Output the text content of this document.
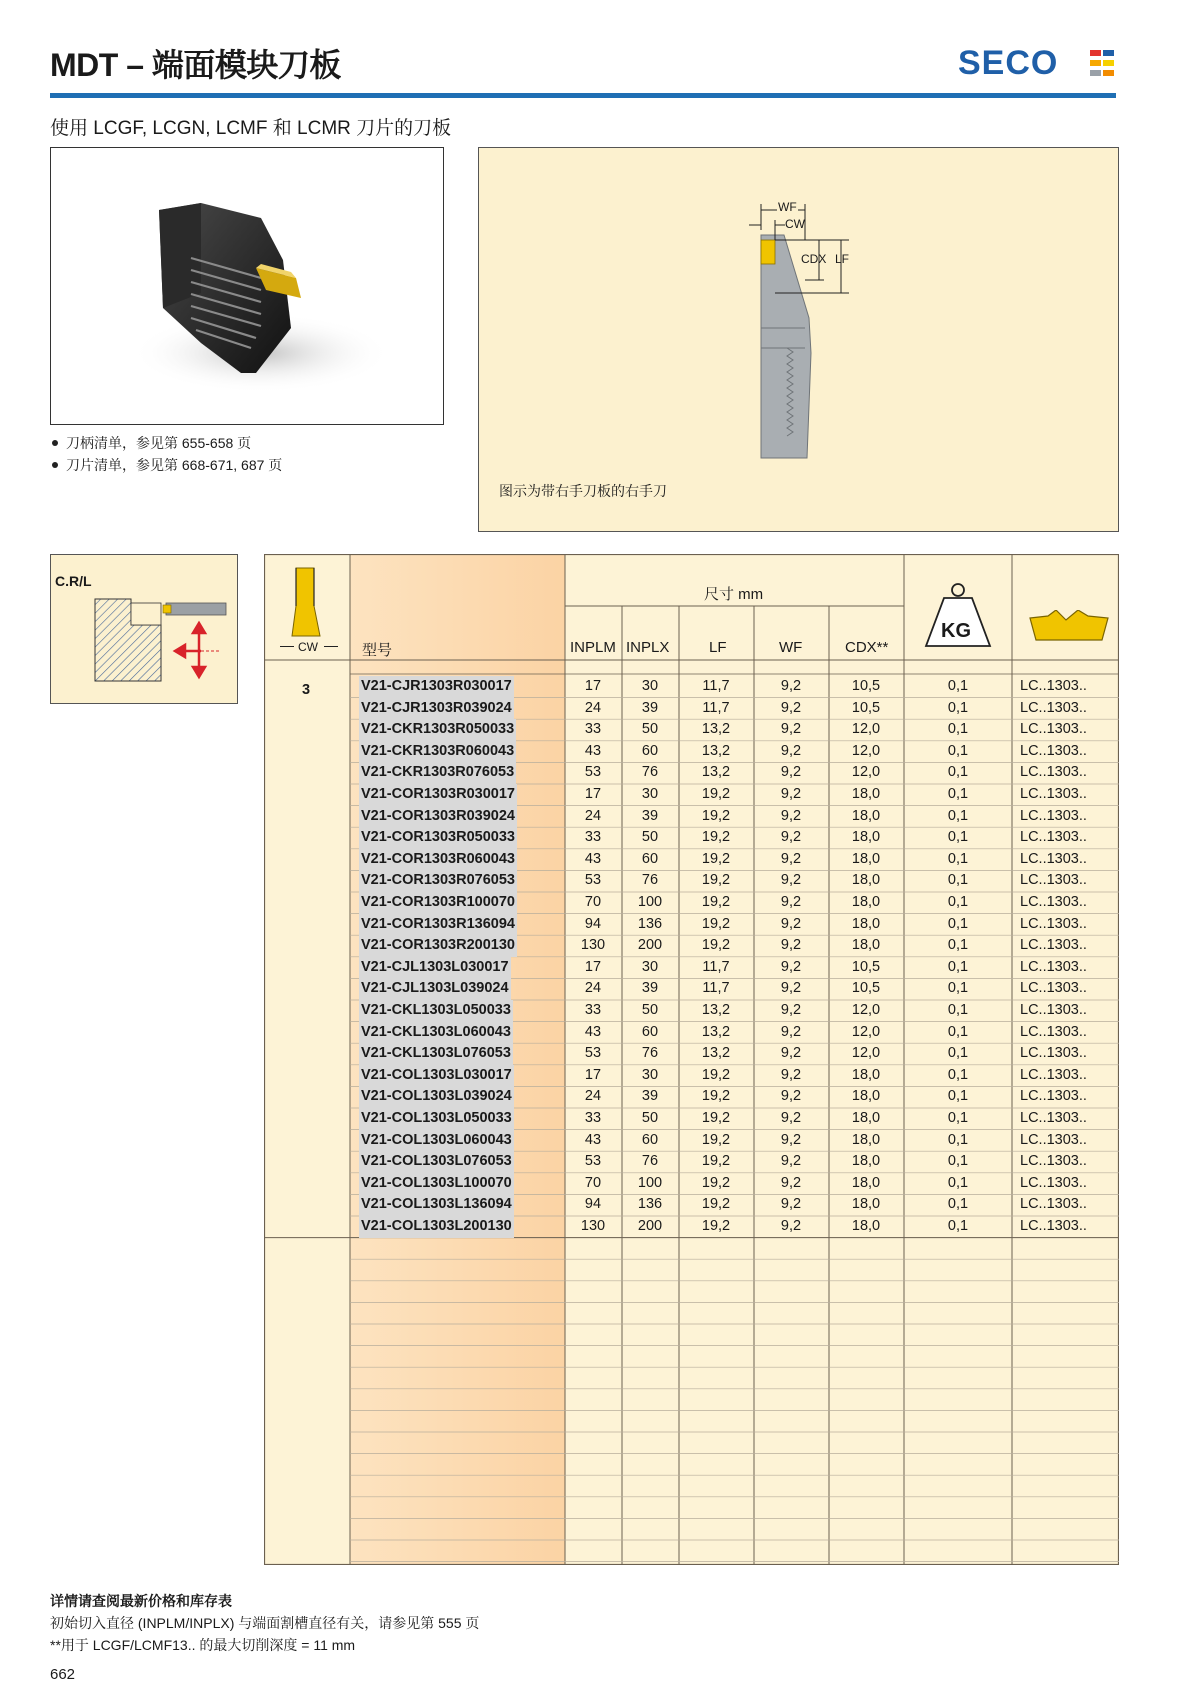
MDT – 端面模块刀板	SECO
使用 LCGF, LCGN, LCMF 和 LCMR 刀片的刀板
刀柄清单，参见第 655-658 页
刀片清单，参见第 668-671, 687 页
WF
CW
CDX LF
图示为带右手刀板的右手刀
C.R/L
CW	型号
尺寸 mm
INPLM INPLX	LF	WF	CDX**
KG
3	V21-CJR1303R030017	17	30	11,7	9,2	10,5	0,1	LC..1303..
V21-CJR1303R039024	24	39	11,7	9,2	10,5	0,1	LC..1303..
V21-CKR1303R050033	33	50	13,2	9,2	12,0	0,1	LC..1303..
V21-CKR1303R060043	43	60	13,2	9,2	12,0	0,1	LC..1303..
V21-CKR1303R076053	53	76	13,2	9,2	12,0	0,1	LC..1303..
V21-COR1303R030017	17	30	19,2	9,2	18,0	0,1	LC..1303..
V21-COR1303R039024	24	39	19,2	9,2	18,0	0,1	LC..1303..
V21-COR1303R050033	33	50	19,2	9,2	18,0	0,1	LC..1303..
V21-COR1303R060043	43	60	19,2	9,2	18,0	0,1	LC..1303..
V21-COR1303R076053	53	76	19,2	9,2	18,0	0,1	LC..1303..
V21-COR1303R100070	70	100	19,2	9,2	18,0	0,1	LC..1303..
V21-COR1303R136094	94	136	19,2	9,2	18,0	0,1	LC..1303..
V21-COR1303R200130	130	200	19,2	9,2	18,0	0,1	LC..1303..
V21-CJL1303L030017	17	30	11,7	9,2	10,5	0,1	LC..1303..
V21-CJL1303L039024	24	39	11,7	9,2	10,5	0,1	LC..1303..
V21-CKL1303L050033	33	50	13,2	9,2	12,0	0,1	LC..1303..
V21-CKL1303L060043	43	60	13,2	9,2	12,0	0,1	LC..1303..
V21-CKL1303L076053	53	76	13,2	9,2	12,0	0,1	LC..1303..
V21-COL1303L030017	17	30	19,2	9,2	18,0	0,1	LC..1303..
V21-COL1303L039024	24	39	19,2	9,2	18,0	0,1	LC..1303..
V21-COL1303L050033	33	50	19,2	9,2	18,0	0,1	LC..1303..
V21-COL1303L060043	43	60	19,2	9,2	18,0	0,1	LC..1303..
V21-COL1303L076053	53	76	19,2	9,2	18,0	0,1	LC..1303..
V21-COL1303L100070	70	100	19,2	9,2	18,0	0,1	LC..1303..
V21-COL1303L136094	94	136	19,2	9,2	18,0	0,1	LC..1303..
V21-COL1303L200130	130	200	19,2	9,2	18,0	0,1	LC..1303..
详情请查阅最新价格和库存表
初始切入直径 (INPLM/INPLX) 与端面割槽直径有关，请参见第 555 页
**用于 LCGF/LCMF13.. 的最大切削深度 = 11 mm
662
